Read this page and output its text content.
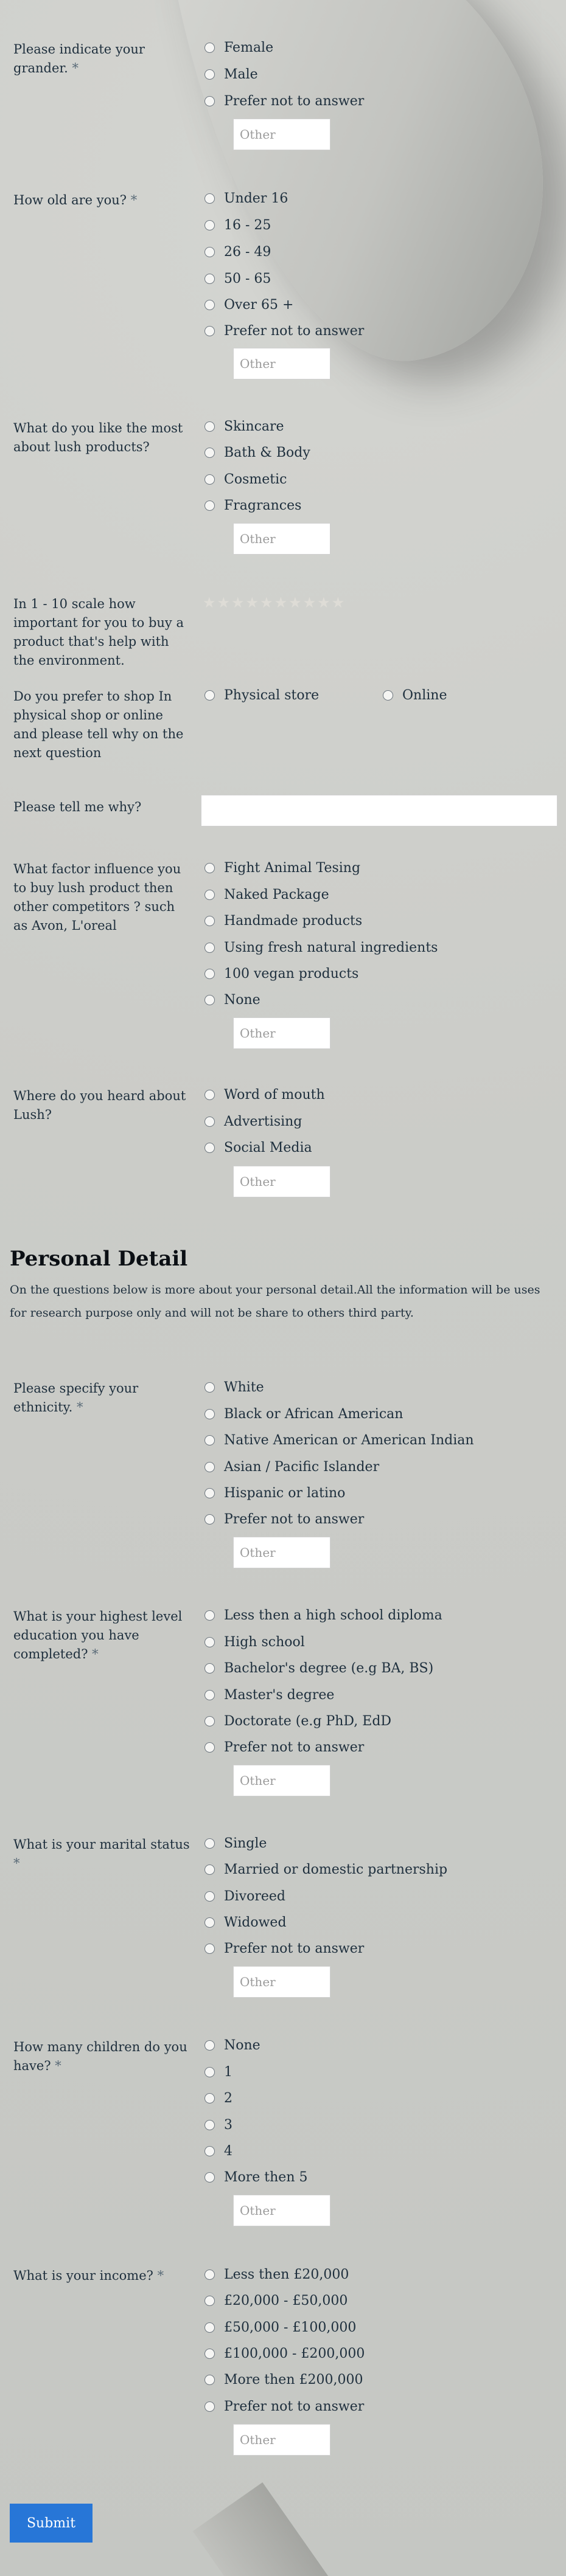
Please indicate your grander. *
Female
Male
Prefer not to answer
Other
How old are you? *	Under 16
16 - 25
26 - 49
50 - 65
Over 65 +
Prefer not to answer
Other
What do you like the most about lush products?
Skincare
Bath & Body
Cosmetic
Fragrances
Other
In 1 - 10 scale how important for you to buy a product that's help with the environment.
★ ★ ★ ★ ★ ★ ★ ★ ★ ★
Do you prefer to shop In physical shop or online and please tell why on the next question
Physical store	Online
Please tell me why?
What factor influence you to buy lush product then other competitors ? such as Avon, L'oreal
Fight Animal Tesing
Naked Package
Handmade products
Using fresh natural ingredients
100 vegan products
None
Other
Where do you heard about Lush?
Word of mouth
Advertising
Social Media
Other
Personal Detail
On the questions below is more about your personal detail.All the information will be uses for research purpose only and will not be share to others third party.
Please specify your ethnicity. *
White
Black or African American
Native American or American Indian
Asian / Pacific Islander
Hispanic or latino
Prefer not to answer
Other
What is your highest level education you have completed? *
Less then a high school diploma
High school
Bachelor's degree (e.g BA, BS)
Master's degree
Doctorate (e.g PhD, EdD
Prefer not to answer
Other
What is your marital status *
Single
Married or domestic partnership
Divoreed
Widowed
Prefer not to answer
Other
How many children do you have? *
None
1
2
3
4
More then 5
Other
What is your income? *	Less then £20,000
£20,000 - £50,000
£50,000 - £100,000
£100,000 - £200,000
More then £200,000
Prefer not to answer
Other
Submit
